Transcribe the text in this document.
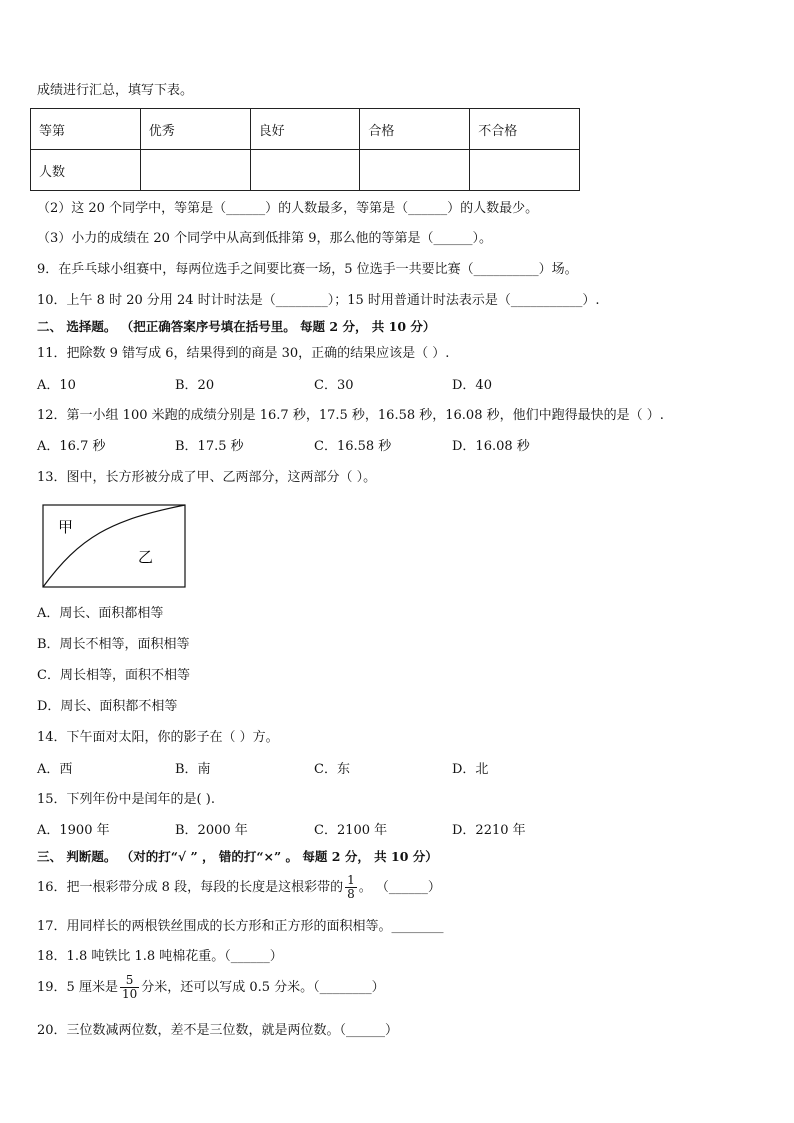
成绩进行汇总，填写下表。
等第	优秀	良好	合格	不合格
人数				
（2）这 20 个同学中，等第是（______）的人数最多，等第是（______）的人数最少。
（3）小力的成绩在 20 个同学中从高到低排第 9，那么他的等第是（______）。
9．在乒乓球小组赛中，每两位选手之间要比赛一场，5 位选手一共要比赛（__________）场。
10．上午 8 时 20 分用 24 时计时法是（________）；15 时用普通计时法表示是（___________）.
二、 选择题。 （把正确答案序号填在括号里。 每题 2 分， 共 10 分）
11．把除数 9 错写成 6，结果得到的商是 30，正确的结果应该是（ ）.
A．10	B．20	C．30	D．40
12．第一小组 100 米跑的成绩分别是 16.7 秒，17.5 秒，16.58 秒，16.08 秒，他们中跑得最快的是（ ）.
A．16.7 秒	B．17.5 秒	C．16.58 秒	D．16.08 秒
13．图中，长方形被分成了甲、乙两部分，这两部分（ ）。
甲
乙
A．周长、面积都相等
B．周长不相等，面积相等
C．周长相等，面积不相等
D．周长、面积都不相等
14．下午面对太阳，你的影子在（ ）方。
A．西	B．南	C．东	D．北
15．下列年份中是闰年的是( ).
A．1900 年	B．2000 年	C．2100 年	D．2210 年
三、 判断题。 （对的打“√ ” ， 错的打“×” 。 每题 2 分， 共 10 分）
16．把一根彩带分成 8 段，每段的长度是这根彩带的 $\frac{1}{8}$ 。 （______）
17．用同样长的两根铁丝围成的长方形和正方形的面积相等。________
18．1.8 吨铁比 1.8 吨棉花重。（______）
19．5 厘米是 $\frac{5}{10}$ 分米，还可以写成 0.5 分米。（________）
20．三位数减两位数，差不是三位数，就是两位数。（______）
